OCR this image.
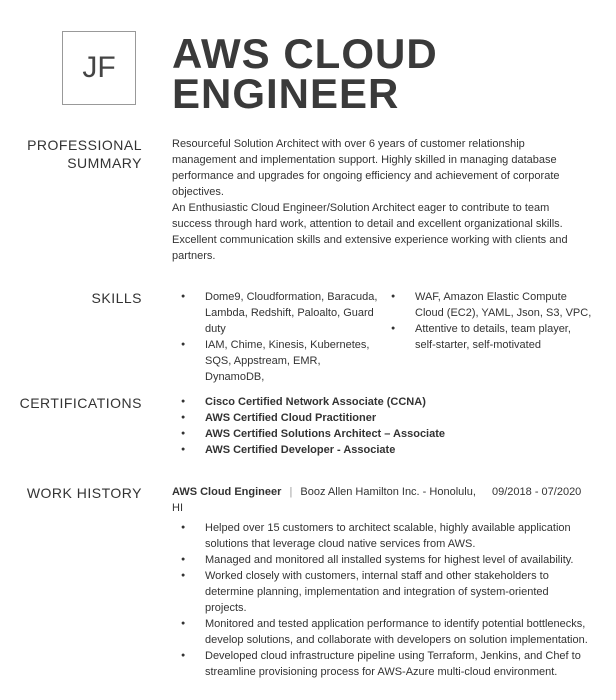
JF	AWS CLOUD
ENGINEER
PROFESSIONAL
SUMMARY
Resourceful Solution Architect with over 6 years of customer relationship management and implementation support. Highly skilled in managing database performance and upgrades for ongoing efficiency and achievement of corporate objectives.
An Enthusiastic Cloud Engineer/Solution Architect eager to contribute to team success through hard work, attention to detail and excellent organizational skills. Excellent communication skills and extensive experience working with clients and partners.
SKILLS	● Dome9, Cloudformation, Baracuda, Lambda, Redshift, Paloalto, Guard duty
● IAM, Chime, Kinesis, Kubernetes, SQS, Appstream, EMR, DynamoDB,
● WAF, Amazon Elastic Compute Cloud (EC2), YAML, Json, S3, VPC,
● Attentive to details, team player, self-starter, self-motivated
CERTIFICATIONS	● Cisco Certified Network Associate (CCNA)
● AWS Certified Cloud Practitioner
● AWS Certified Solutions Architect – Associate
● AWS Certified Developer - Associate
WORK HISTORY	AWS Cloud Engineer | Booz Allen Hamilton Inc. - Honolulu, HI
09/2018 - 07/2020
● Helped over 15 customers to architect scalable, highly available application solutions that leverage cloud native services from AWS.
● Managed and monitored all installed systems for highest level of availability.
● Worked closely with customers, internal staff and other stakeholders to determine planning, implementation and integration of system-oriented projects.
● Monitored and tested application performance to identify potential bottlenecks, develop solutions, and collaborate with developers on solution implementation.
● Developed cloud infrastructure pipeline using Terraform, Jenkins, and Chef to streamline provisioning process for AWS-Azure multi-cloud environment.
